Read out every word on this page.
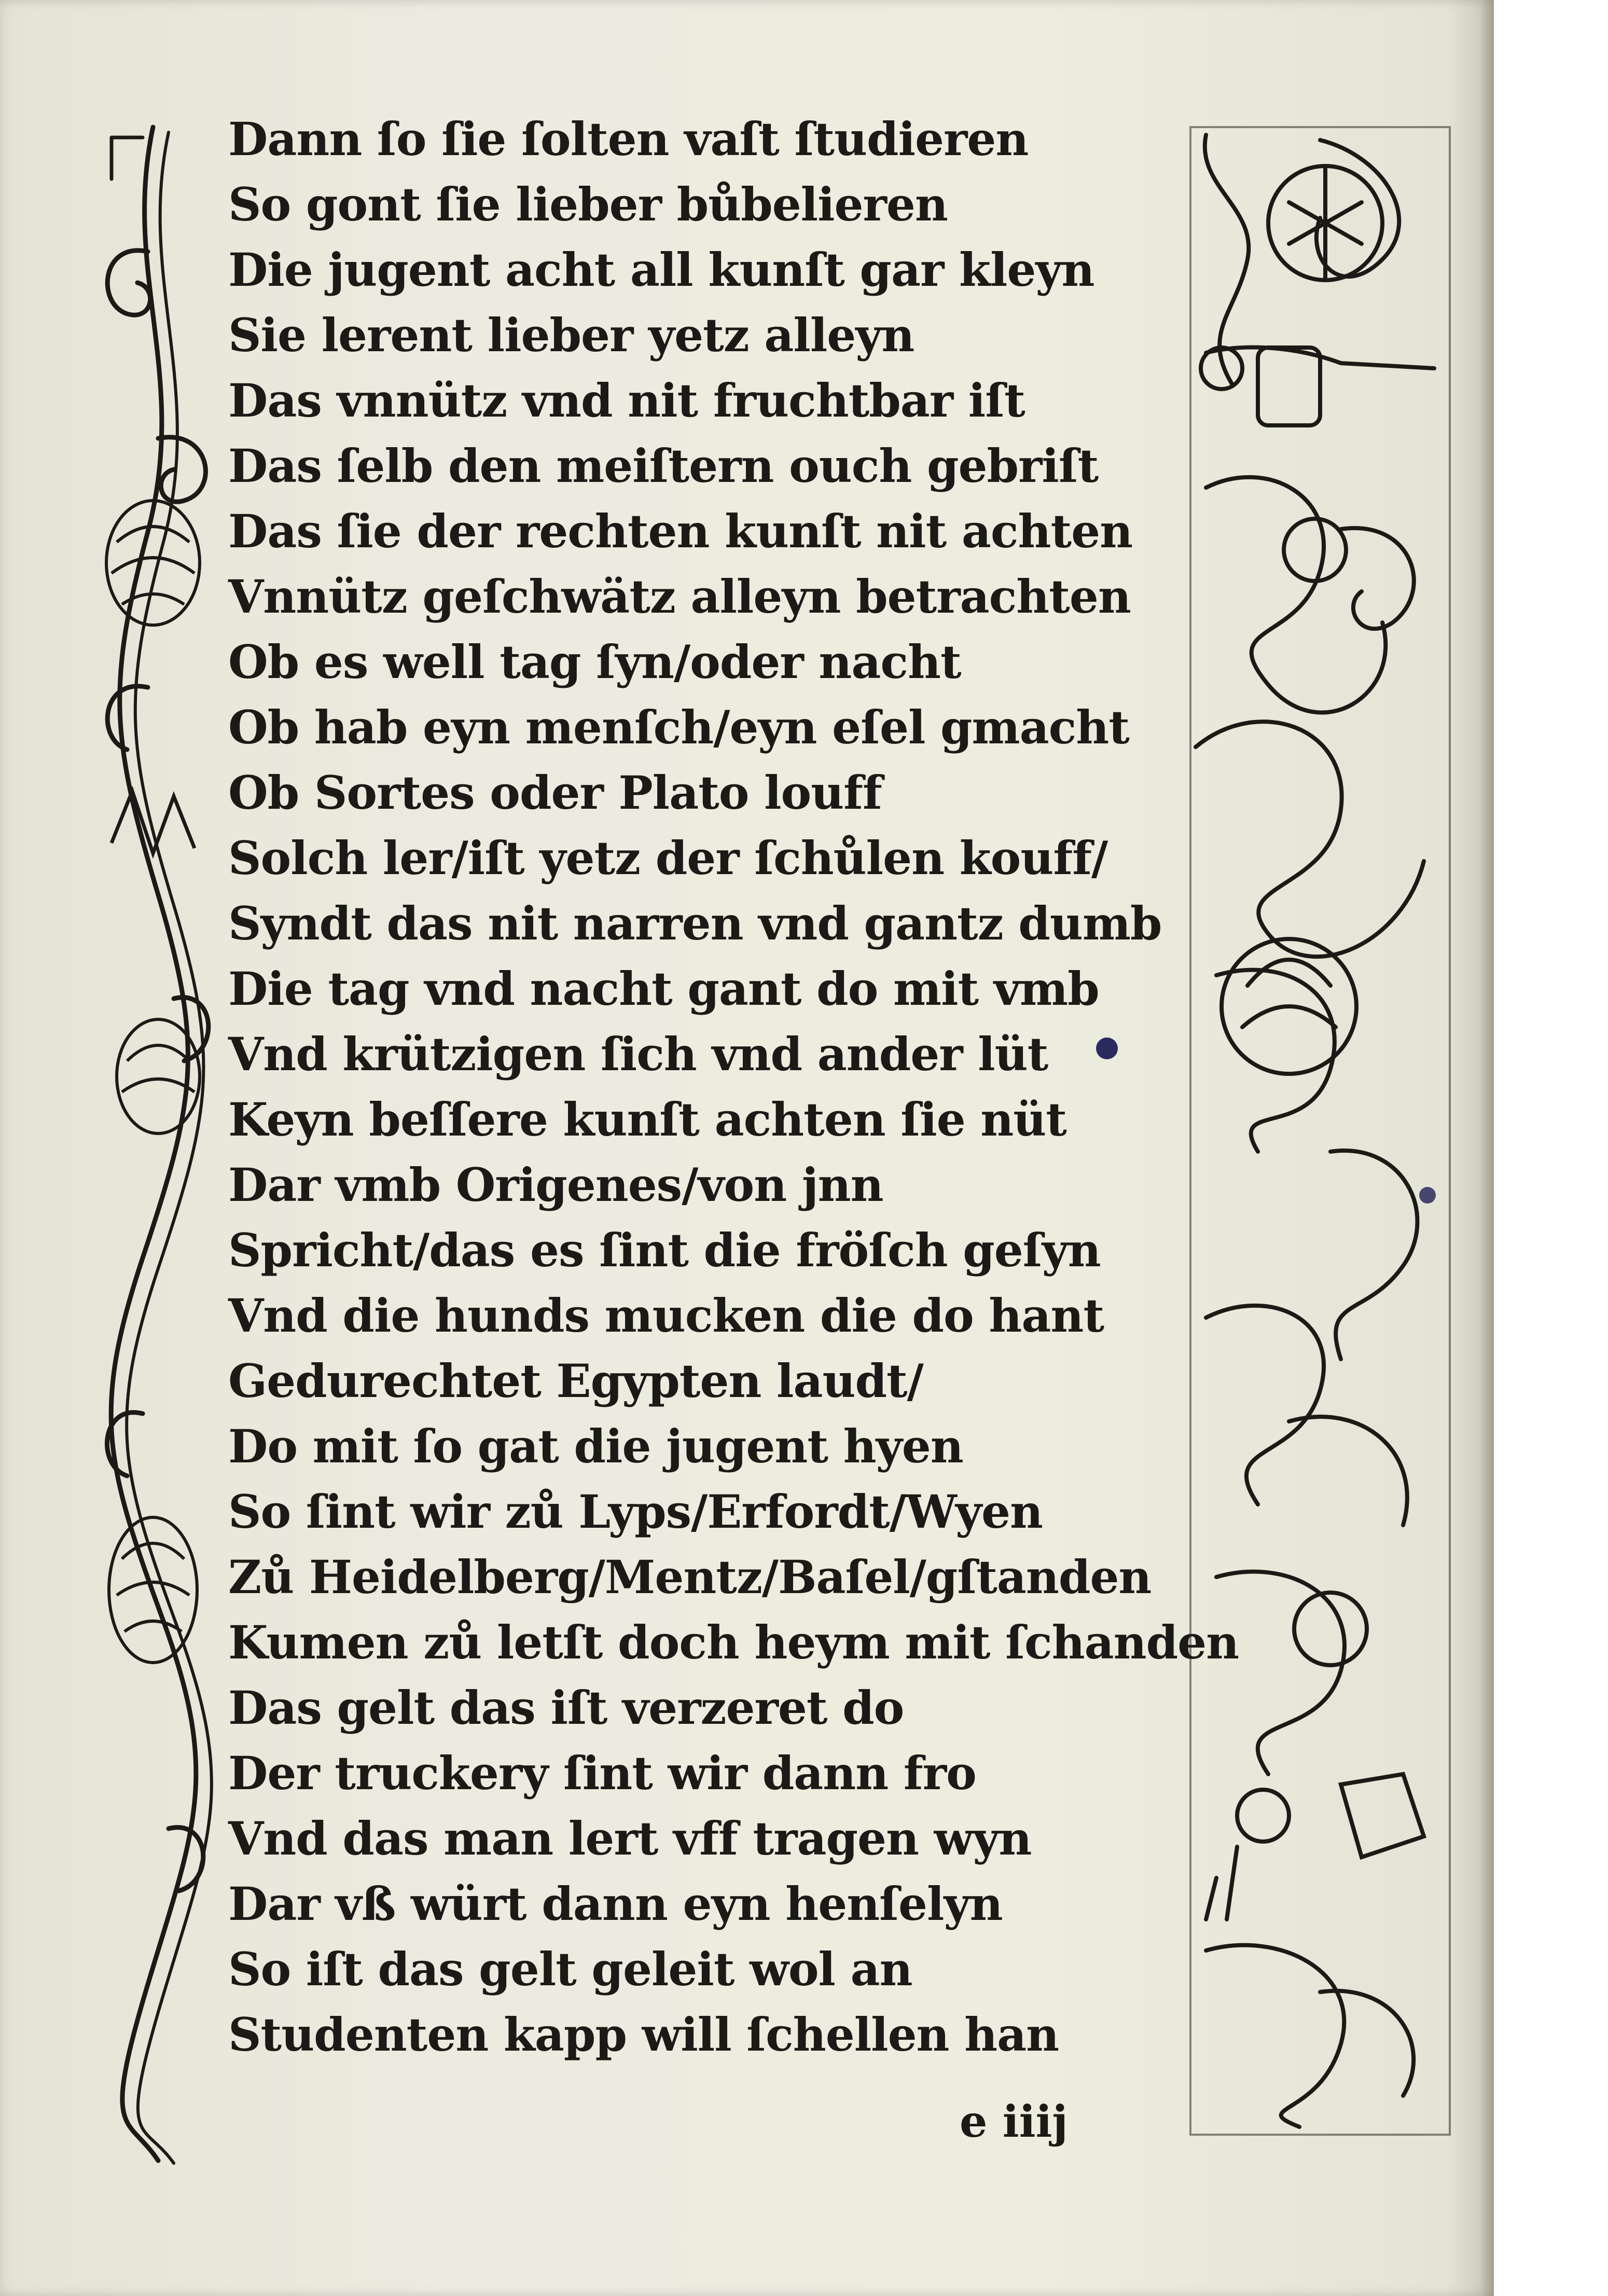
Dann ſo ſie ſolten vaſt ſtudieren
So gont ſie lieber bůbelieren
Die jugent acht all kunſt gar kleyn
Sie lerent lieber yetz alleyn
Das vnnütz vnd nit fruchtbar iſt
Das ſelb den meiſtern ouch gebriſt
Das ſie der rechten kunſt nit achten
Vnnütz geſchwätz alleyn betrachten
Ob es well tag ſyn/oder nacht
Ob hab eyn menſch/eyn eſel gmacht
Ob Sortes oder Plato louff
Solch ler/iſt yetz der ſchůlen kouff/
Syndt das nit narren vnd gantz dumb
Die tag vnd nacht gant do mit vmb
Vnd krützigen ſich vnd ander lüt
Keyn beſſere kunſt achten ſie nüt
Dar vmb Origenes/von jnn
Spricht/das es ſint die fröſch geſyn
Vnd die hunds mucken die do hant
Gedurechtet Egypten laudt/
Do mit ſo gat die jugent hyen
So ſint wir zů Lyps/Erfordt/Wyen
Zů Heidelberg/Mentz/Baſel/gſtanden
Kumen zů letſt doch heym mit ſchanden
Das gelt das iſt verzeret do
Der truckery ſint wir dann fro
Vnd das man lert vff tragen wyn
Dar vß würt dann eyn henſelyn
So iſt das gelt geleit wol an
Studenten kapp will ſchellen han
e iiij
